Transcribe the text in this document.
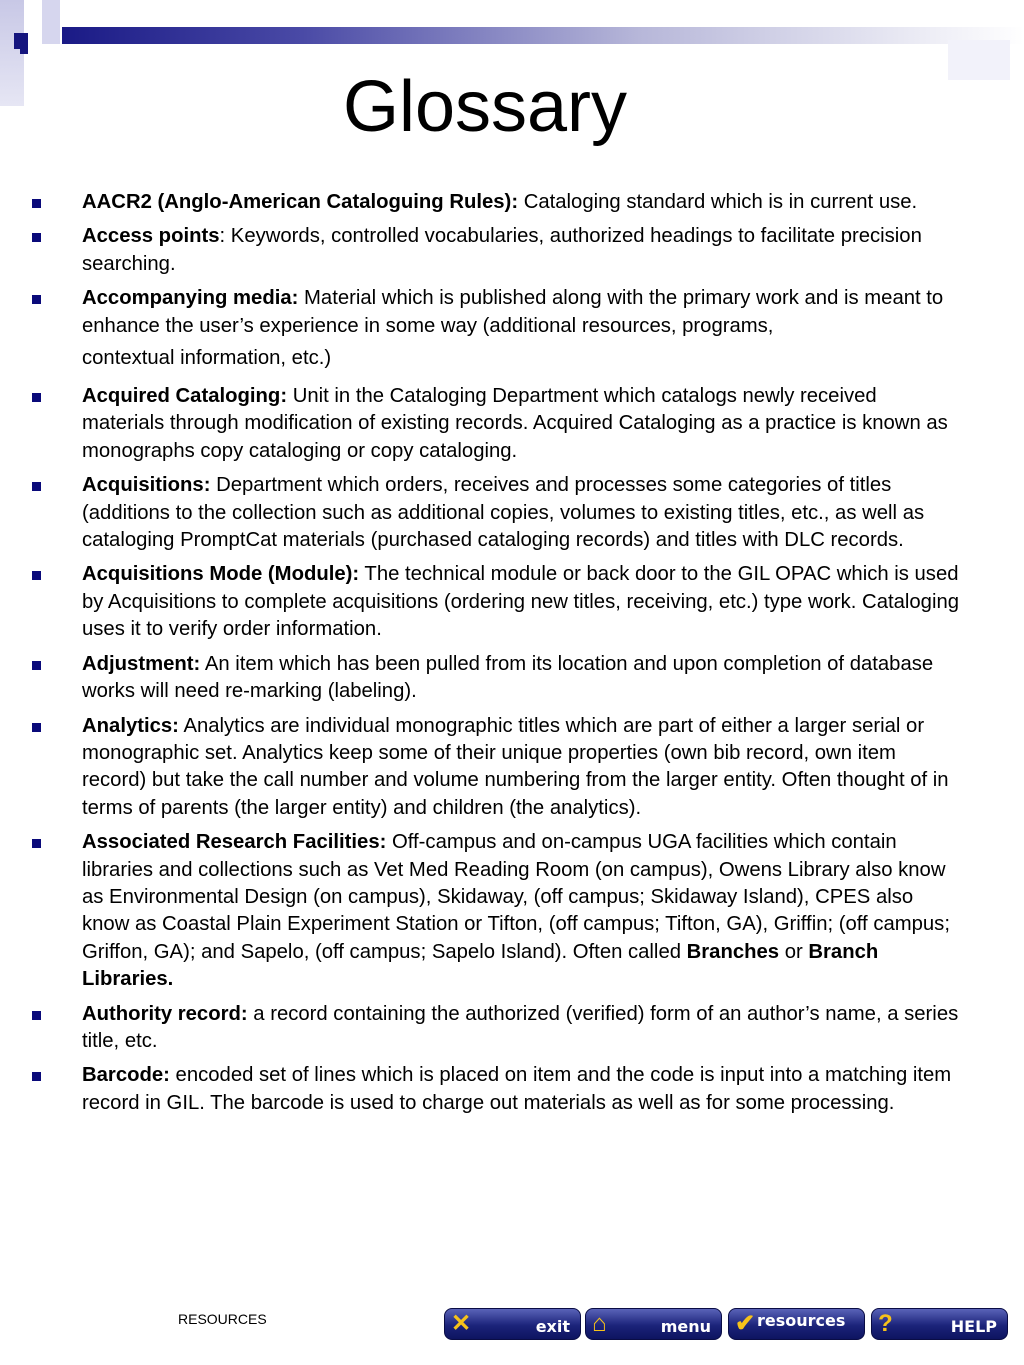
Glossary
AACR2 (Anglo-American Cataloguing Rules): Cataloging standard which is in current use.
Access points: Keywords, controlled vocabularies, authorized headings to facilitate precision searching.
Accompanying media: Material which is published along with the primary work and is meant to enhance the user’s experience in some way (additional resources, programs,
contextual information, etc.)
Acquired Cataloging: Unit in the Cataloging Department which catalogs newly received materials through modification of existing records. Acquired Cataloging as a practice is known as monographs copy cataloging or copy cataloging.
Acquisitions: Department which orders, receives and processes some categories of titles (additions to the collection such as additional copies, volumes to existing titles, etc., as well as cataloging PromptCat materials (purchased cataloging records) and titles with DLC records.
Acquisitions Mode (Module): The technical module or back door to the GIL OPAC which is used by Acquisitions to complete acquisitions (ordering new titles, receiving, etc.) type work. Cataloging uses it to verify order information.
Adjustment: An item which has been pulled from its location and upon completion of database works will need re-marking (labeling).
Analytics: Analytics are individual monographic titles which are part of either a larger serial or monographic set. Analytics keep some of their unique properties (own bib record, own item record) but take the call number and volume numbering from the larger entity. Often thought of in terms of parents (the larger entity) and children (the analytics).
Associated Research Facilities: Off-campus and on-campus UGA facilities which contain libraries and collections such as Vet Med Reading Room (on campus), Owens Library also know as Environmental Design (on campus), Skidaway, (off campus; Skidaway Island), CPES also know as Coastal Plain Experiment Station or Tifton, (off campus; Tifton, GA), Griffin; (off campus; Griffon, GA); and Sapelo, (off campus; Sapelo Island). Often called Branches or Branch Libraries.
Authority record: a record containing the authorized (verified) form of an author’s name, a series title, etc.
Barcode: encoded set of lines which is placed on item and the code is input into a matching item record in GIL. The barcode is used to charge out materials as well as for some processing.
RESOURCES	✕	exit ⌂	menu ✔ resources ?	HELP
